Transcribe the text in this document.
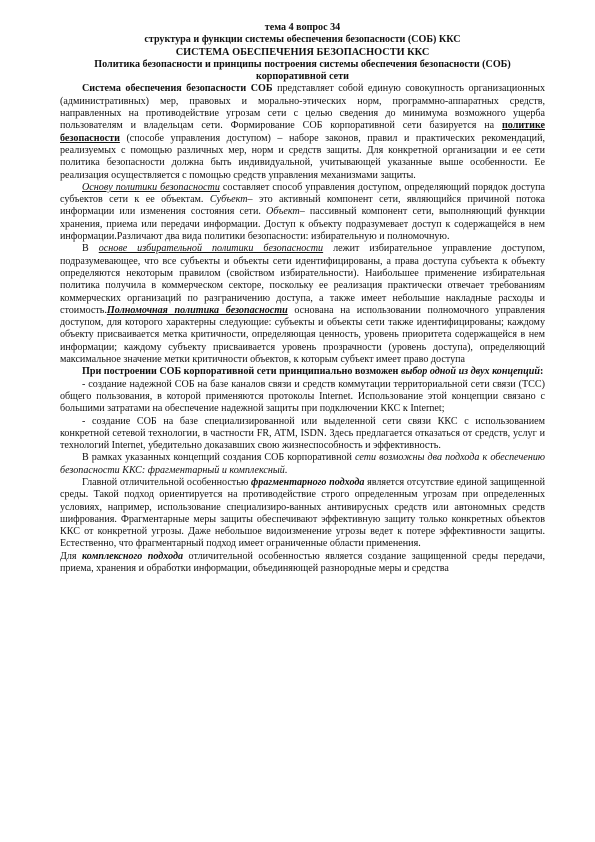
тема 4 вопрос 34

структура и функции системы обеспечения безопасности (СОБ) ККС

СИСТЕМА ОБЕСПЕЧЕНИЯ БЕЗОПАСНОСТИ ККС

Политика безопасности и принципы построения системы обеспечения безопасности (СОБ) корпоративной сети

Система обеспечения безопасности СОБ представляет собой единую совокупность организационных (административных) мер, правовых и морально-этических норм, программно-аппаратных средств, направленных на противодействие угрозам сети с целью сведения до минимума возможного ущерба пользователям и владельцам сети. Формирование СОБ корпоративной сети базируется на политике безопасности (способе управления доступом) – наборе законов, правил и практических рекомендаций, реализуемых с помощью различных мер, норм и средств защиты. Для конкретной организации и ее сети политика безопасности должна быть индивидуальной, учитывающей указанные выше особенности. Ее реализация осуществляется с помощью средств управления механизмами защиты.

Основу политики безопасности составляет способ управления доступом, определяющий порядок доступа субъектов сети к ее объектам. Субъект– это активный компонент сети, являющийся причиной потока информации или изменения состояния сети. Объект– пассивный компонент сети, выполняющий функции хранения, приема или передачи информации. Доступ к объекту подразумевает доступ к содержащейся в нем информации.Различают два вида политики безопасности: избирательную и полномочную.

В основе избирательной политики безопасности лежит избирательное управление доступом, подразумевающее, что все субъекты и объекты сети идентифицированы, а права доступа субъекта к объекту определяются некоторым правилом (свойством избирательности). Наибольшее применение избирательная политика получила в коммерческом секторе, поскольку ее реализация практически отвечает требованиям коммерческих организаций по разграничению доступа, а также имеет небольшие накладные расходы и стоимость.Полномочная политика безопасности основана на использовании полномочного управления доступом, для которого характерны следующие: субъекты и объекты сети также идентифицированы; каждому объекту присваивается метка критичности, определяющая ценность, уровень приоритета содержащейся в нем информации; каждому субъекту присваивается уровень прозрачности (уровень доступа), определяющий максимальное значение метки критичности объектов, к которым субъект имеет право доступа

При построении СОБ корпоративной сети принципиально возможен выбор одной из двух концепций:

- создание надежной СОБ на базе каналов связи и средств коммутации территориальной сети связи (ТСС) общего пользования, в которой применяются протоколы Internet. Использование этой концепции связано с большими затратами на обеспечение надежной защиты при подключении ККС к Internet;

- создание СОБ на базе специализированной или выделенной сети связи ККС с использованием конкретной сетевой технологии, в частности FR, ATM, ISDN. Здесь предлагается отказаться от средств, услуг и технологий Internet, убедительно доказавших свою жизнеспособность и эффективность.

В рамках указанных концепций создания СОБ корпоративной сети возможны два подхода к обеспечению безопасности ККС: фрагментарный и комплексный.

Главной отличительной особенностью фрагментарного подхода является отсутствие единой защищенной среды. Такой подход ориентируется на противодействие строго определенным угрозам при определенных условиях, например, использование специализиро-ванных антивирусных средств или автономных средств шифрования. Фрагментарные меры защиты обеспечивают эффективную защиту только конкретных объектов ККС от конкретной угрозы. Даже небольшое видоизменение угрозы ведет к потере эффективности защиты. Естественно, что фрагментарный подход имеет ограниченные области применения.

Для комплексного подхода отличительной особенностью является создание защищенной среды передачи, приема, хранения и обработки информации, объединяющей разнородные меры и средства
